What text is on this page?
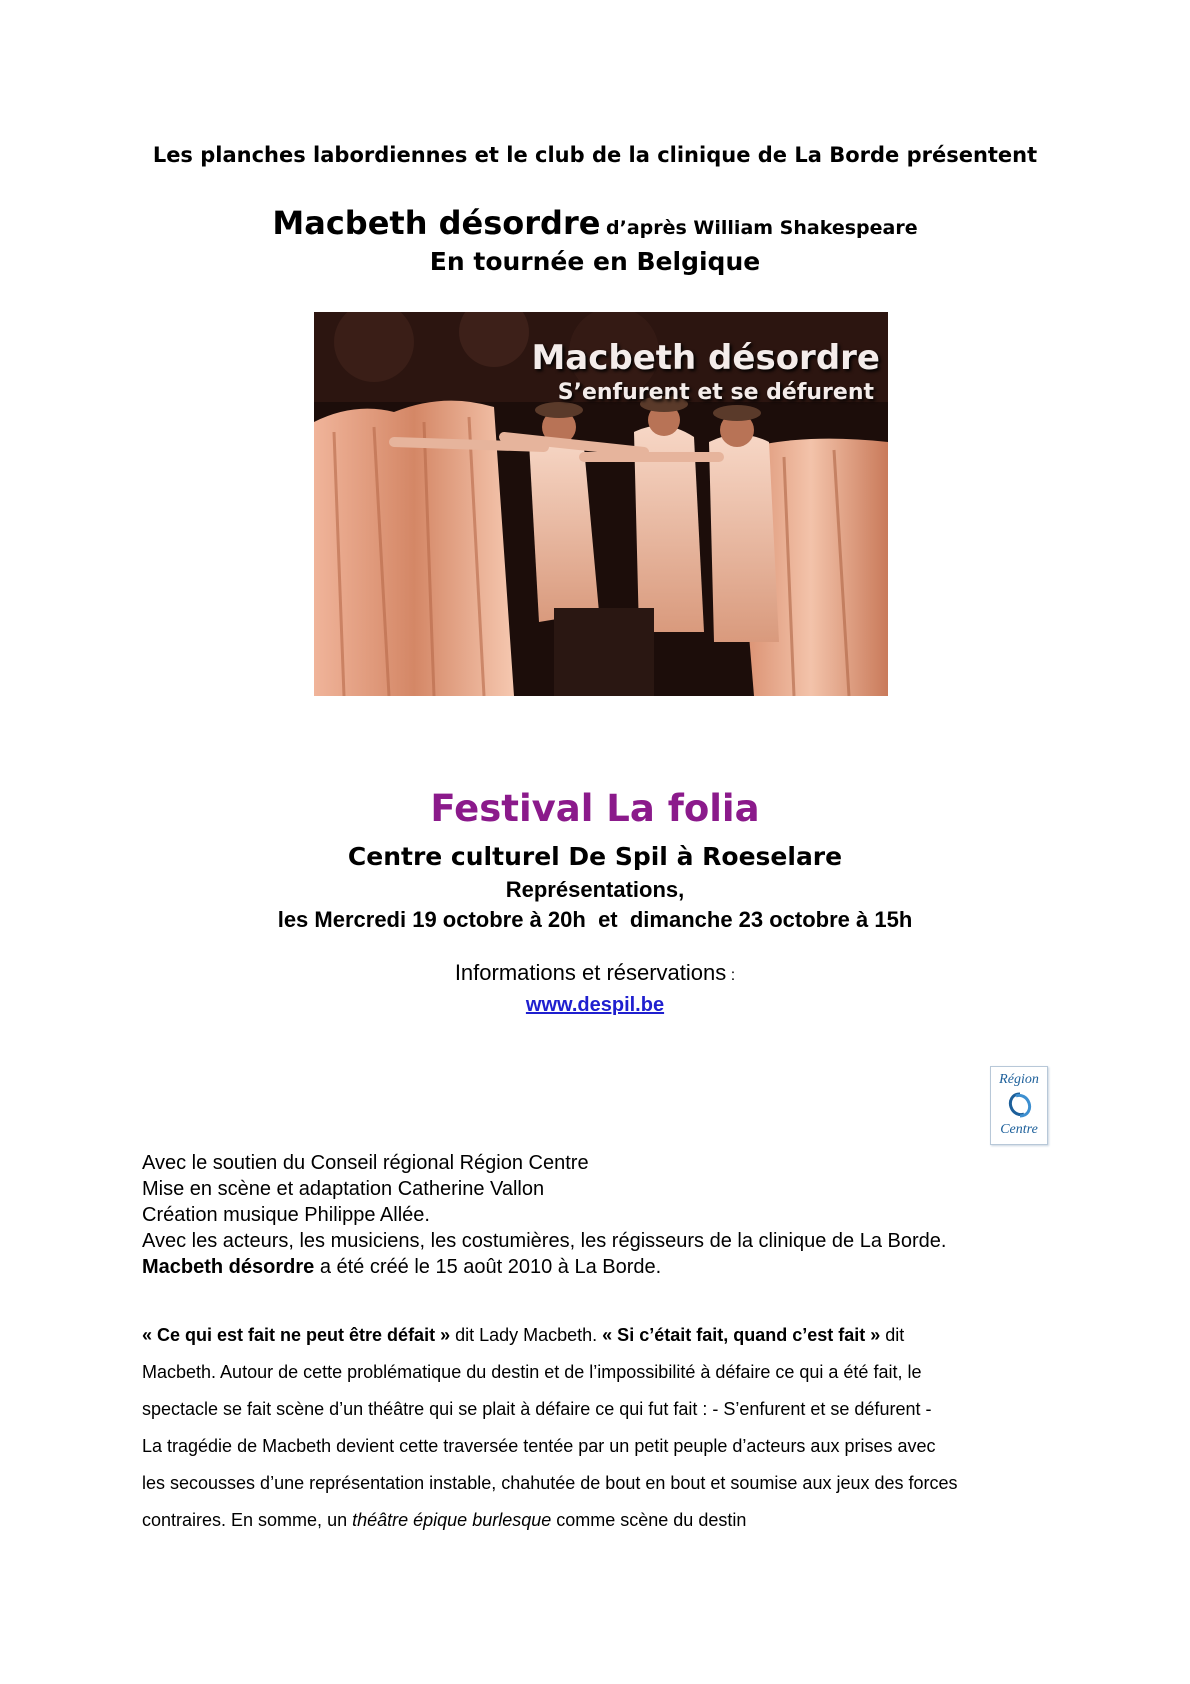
Les planches labordiennes et le club de la clinique de La Borde présentent
Macbeth désordre d’après William Shakespeare
En tournée en Belgique
Macbeth désordre
S’enfurent et se défurent
Festival La folia
Centre culturel De Spil à Roeselare
Représentations,
les Mercredi 19 octobre à 20h  et  dimanche 23 octobre à 15h
Informations et réservations :
www.despil.be
Région
Centre
Avec le soutien du Conseil régional Région Centre
Mise en scène et adaptation Catherine Vallon
Création musique Philippe Allée.
Avec les acteurs, les musiciens, les costumières, les régisseurs de la clinique de La Borde.
Macbeth désordre a été créé le 15 août 2010 à La Borde.
« Ce qui est fait ne peut être défait » dit Lady Macbeth. « Si c’était fait, quand c’est fait » dit
Macbeth. Autour de cette problématique du destin et de l’impossibilité à défaire ce qui a été fait, le
spectacle se fait scène d’un théâtre qui se plait à défaire ce qui fut fait : - S’enfurent et se défurent -
La tragédie de Macbeth devient cette traversée tentée par un petit peuple d’acteurs aux prises avec
les secousses d’une représentation instable, chahutée de bout en bout et soumise aux jeux des forces
contraires. En somme, un théâtre épique burlesque comme scène du destin
